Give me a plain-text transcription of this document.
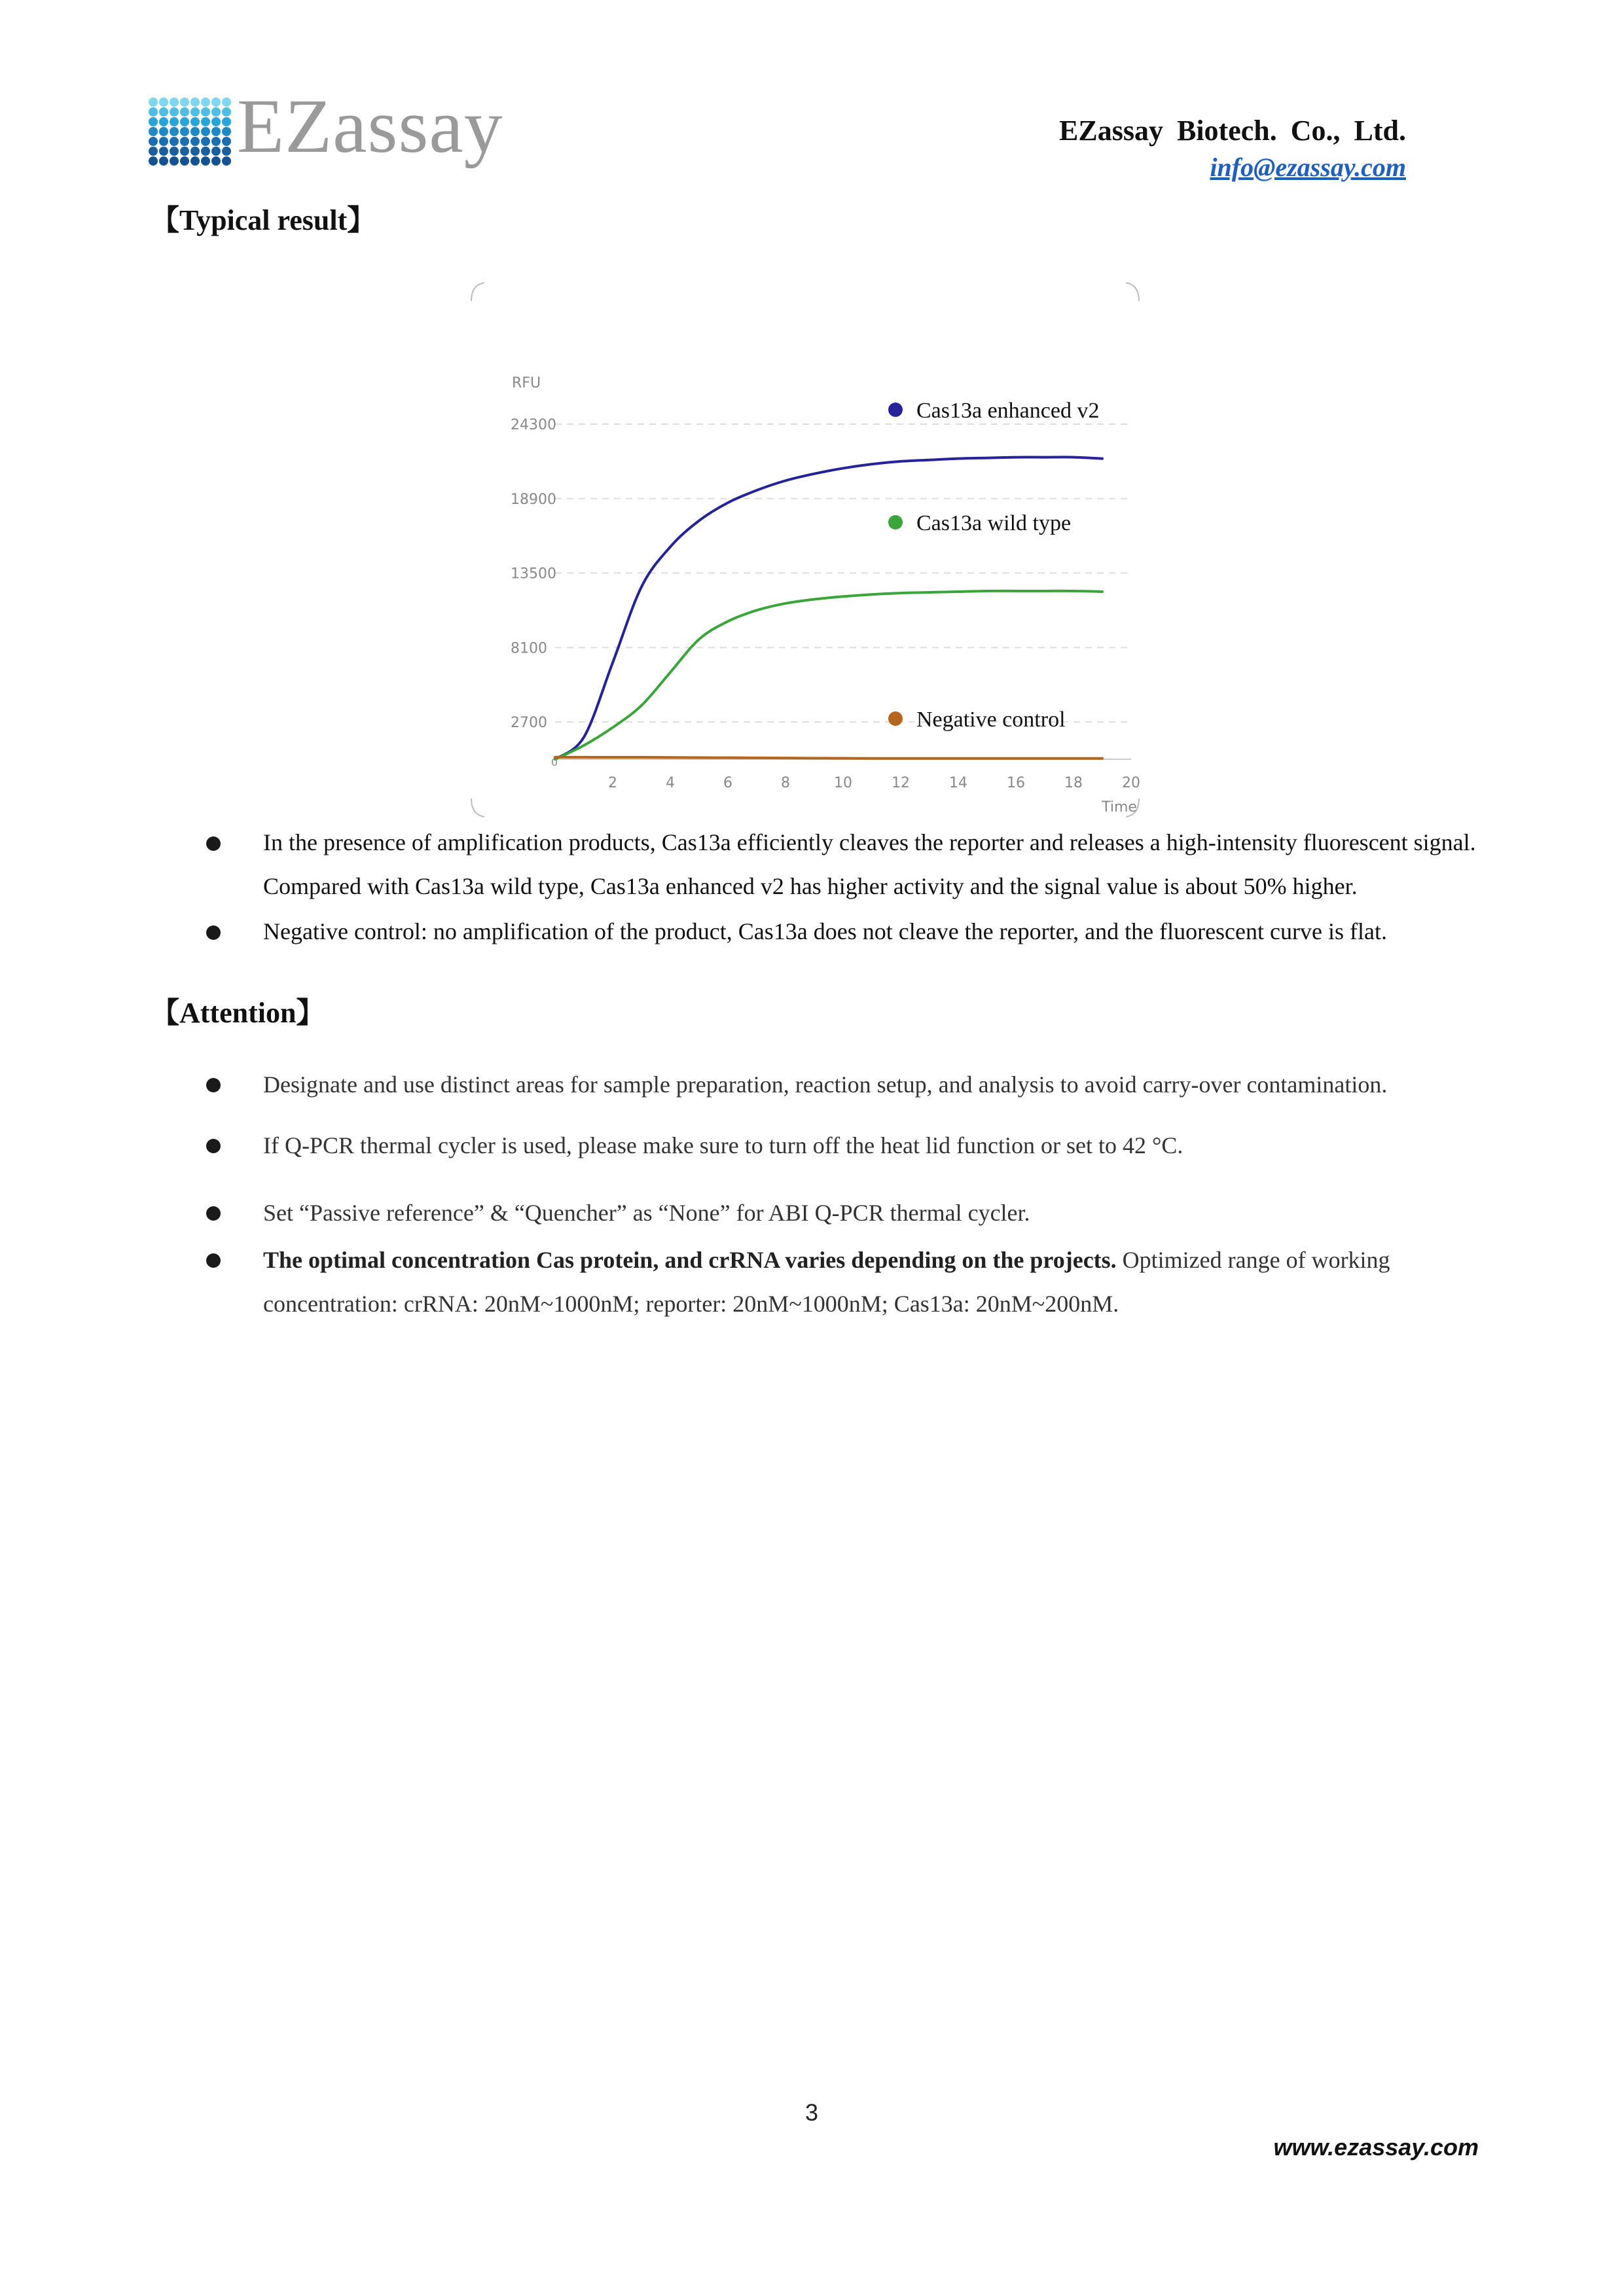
EZassay	EZassay Biotech. Co., Ltd.
info@ezassay.com
【Typical result】
RFU
2700
8100
13500
18900
24300
0
2	4	6	8	10	12	14	16	18	20
Time
Cas13a enhanced v2
Cas13a wild type
Negative control
In the presence of amplification products, Cas13a efficiently cleaves the reporter and releases a high-intensity fluorescent signal. Compared with Cas13a wild type, Cas13a enhanced v2 has higher activity and the signal value is about 50% higher.
Negative control: no amplification of the product, Cas13a does not cleave the reporter, and the fluorescent curve is flat.
【Attention】
Designate and use distinct areas for sample preparation, reaction setup, and analysis to avoid carry-over contamination.
If Q-PCR thermal cycler is used, please make sure to turn off the heat lid function or set to 42 °C.
Set “Passive reference” & “Quencher” as “None” for ABI Q-PCR thermal cycler.
The optimal concentration Cas protein, and crRNA varies depending on the projects. Optimized range of working concentration: crRNA: 20nM~1000nM; reporter: 20nM~1000nM; Cas13a: 20nM~200nM.
3
www.ezassay.com
